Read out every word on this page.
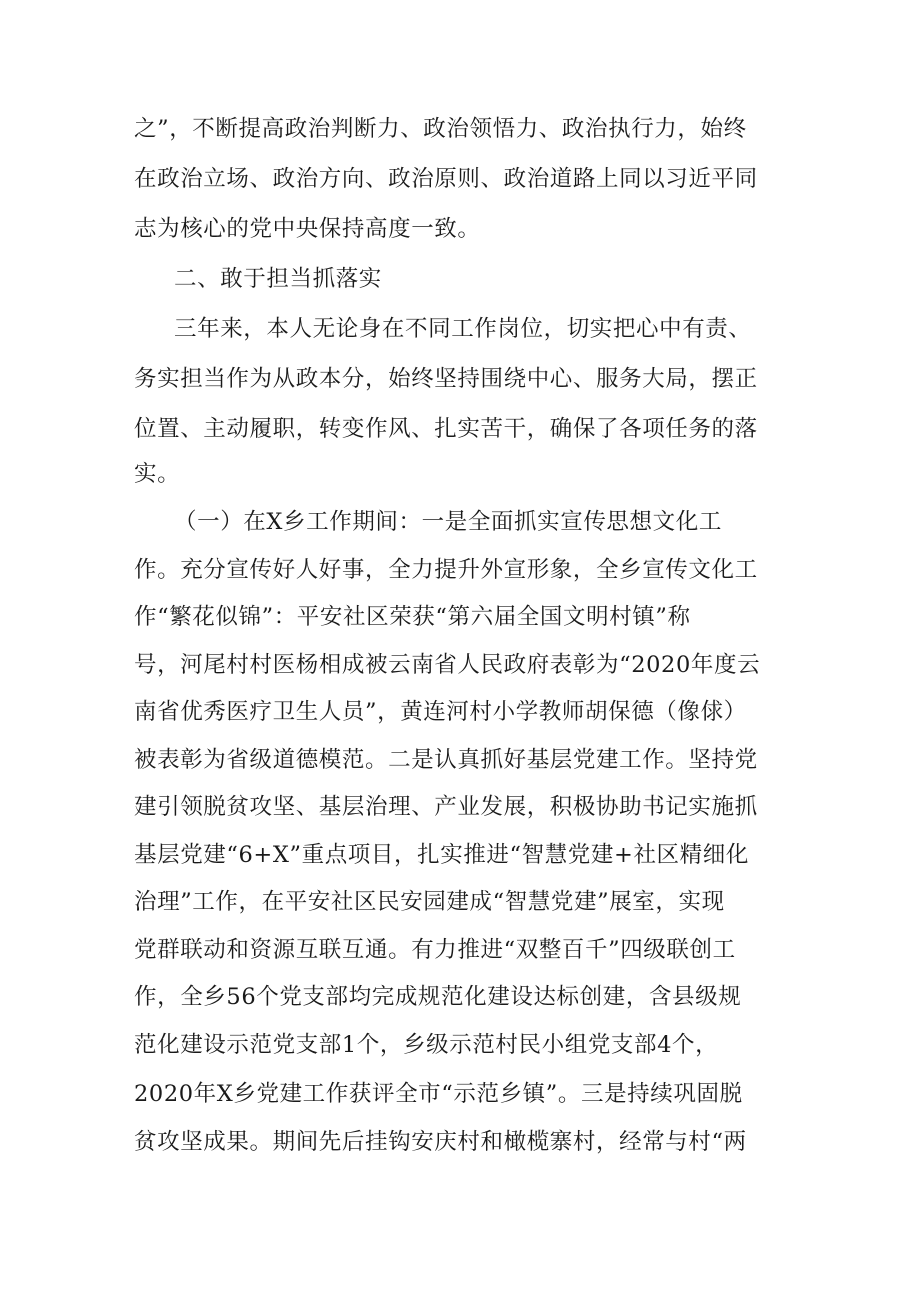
之”，不断提高政治判断力、政治领悟力、政治执行力，始终
在政治立场、政治方向、政治原则、政治道路上同以习近平同
志为核心的党中央保持高度一致。
二、敢于担当抓落实
三年来，本人无论身在不同工作岗位，切实把心中有责、
务实担当作为从政本分，始终坚持围绕中心、服务大局，摆正
位置、主动履职，转变作风、扎实苦干，确保了各项任务的落
实。
（一）在X乡工作期间：一是全面抓实宣传思想文化工
作。充分宣传好人好事，全力提升外宣形象，全乡宣传文化工
作“繁花似锦”：平安社区荣获“第六届全国文明村镇”称
号，河尾村村医杨相成被云南省人民政府表彰为“2020年度云
南省优秀医疗卫生人员”，黄连河村小学教师胡保德（像俅）
被表彰为省级道德模范。二是认真抓好基层党建工作。坚持党
建引领脱贫攻坚、基层治理、产业发展，积极协助书记实施抓
基层党建“6+X”重点项目，扎实推进“智慧党建+社区精细化
治理”工作，在平安社区民安园建成“智慧党建”展室，实现
党群联动和资源互联互通。有力推进“双整百千”四级联创工
作，全乡56个党支部均完成规范化建设达标创建，含县级规
范化建设示范党支部1个，乡级示范村民小组党支部4个，
2020年X乡党建工作获评全市“示范乡镇”。三是持续巩固脱
贫攻坚成果。期间先后挂钩安庆村和橄榄寨村，经常与村“两
